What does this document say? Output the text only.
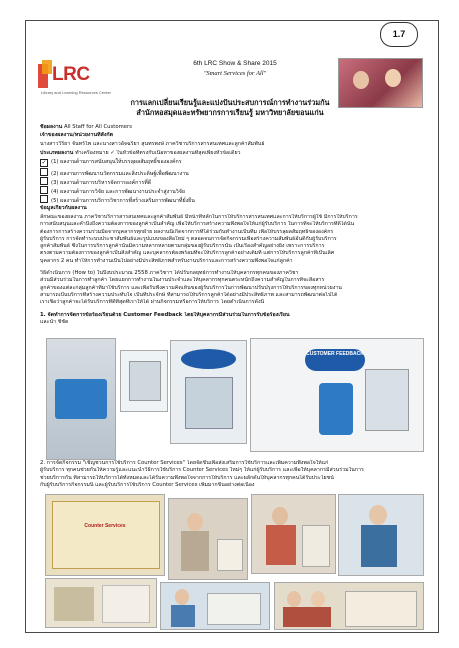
1.7
LRC
Library and Learning Resources Center
6th LRC Show & Share 2015
"Smart Services for All"
การแลกเปลี่ยนเรียนรู้และแบ่งปันประสบการณ์การทำงานร่วมกัน
สำนักหอสมุดและทรัพยากรการเรียนรู้ มหาวิทยาลัยขอนแก่น
ชื่อผลงาน All Staff for All Customers
เจ้าของผลงาน/หน่วยงานที่สังกัด
นางสาววิริยา จันทร์ไพ และนางสาวอัจฉริยา สุนทรพงษ์ ภาควิชาบริการสารสนเทศและลูกค้าสัมพันธ์
ประเภทผลงาน ทำเครื่องหมาย ✓ ในหัวข้อที่ตรงกับเนื้อหาของผลงานที่สุดเพียงหัวข้อเดียว
✓ (1) ผลงานด้านการสนับสนุนให้บรรลุผลสัมฤทธิ์ขององค์กร
(2) ผลงานการพัฒนานวัตกรรมและสิ่งประดิษฐ์เพื่อพัฒนางาน
(3) ผลงานด้านการบริหารจัดการองค์การที่ดี
(4) ผลงานด้านการวิจัย และการพัฒนางานประจำสู่งานวิจัย
(5) ผลงานด้านการบริการวิชาการที่สร้างเสริมการพัฒนาที่ยั่งยืน
ข้อมูลเกี่ยวกับผลงาน
ลักษณะของผลงาน ภาควิชาบริการสารสนเทศและลูกค้าสัมพันธ์ มีหน้าที่หลักในการให้บริการสารสนเทศและการให้บริการผู้ใช้ มีการให้บริการ
การสนับสนุนและคำนึงถึงความต้องการของลูกค้าเป็นสำคัญ เพื่อให้บริการสร้างความพึงพอใจให้แก่ผู้รับบริการ ในการที่จะให้บริการที่ดีได้นั้น
ต้องการการสร้างความร่วมมือจากบุคลากรทุกฝ่าย ผลงานนี้เกิดจากการที่ได้ร่วมกันทำงานเป็นทีม เพื่อให้บรรลุผลสัมฤทธิ์ขององค์กร
ผู้รับบริการ การจัดทำระบบประชาสัมพันธ์และรูปแบบของสื่อใหม่ ๆ ตลอดจนการจัดกิจกรรมเพื่อสร้างความสัมพันธ์อันดีกับผู้รับบริการ
ลูกค้าสัมพันธ์ ซึ่งในการบริการลูกค้านั้นมีความหลากหลายตามกลุ่มของผู้รับบริการนั้น เป็นเรื่องสำคัญอย่างยิ่ง เพราะการบริการ
ตรงตามความต้องการของลูกค้าเป็นสิ่งสำคัญ และบุคลากรต้องพร้อมที่จะให้บริการลูกค้าอย่างเต็มที่ แต่การให้บริการลูกค้าที่เป็นเลิศ
บุคลากร 2 คน ทำให้การทำงานเป็นไปอย่างมีประสิทธิภาพสำหรับงานบริการและการสร้างความพึงพอใจแก่ลูกค้า
วิธีดำเนินการ (How to) ในปีงบประมาณ 2558 ภาควิชาฯ ได้ปรับกลยุทธ์การทำงานให้บุคลากรทุกคนของภาควิชา
ส่วนมีส่วนร่วมในการทำลูกค้า โดยแยกการทำงานในงานประจำและให้บุคลากรทุกคนตระหนักถึงความสำคัญในการที่จะสื่อสาร
ลูกค้าของแต่ละกลุ่มลูกค้าที่มาใช้บริการ และเพื่อรับฟังความคิดเห็นของผู้รับบริการในการพัฒนาปรับปรุงการให้บริการของทุกหน่วยงาน
สามารถเป็นบริการที่สร้างความประทับใจ เป็นที่ประจักษ์ ที่สามารถให้บริการลูกค้าได้อย่างมีประสิทธิภาพ และสามารถพัฒนาต่อไปได้
เราเชื่อว่าลูกค้าจะได้รับบริการที่ดีที่สุดที่เราให้ได้ ผ่านกิจกรรมหรือการให้บริการ โดยดำเนินการดังนี้
1. จัดทำการจัดการข้อร้องเรียนด้วย Customer Feedback โดยให้บุคลากรมีส่วนร่วมในการรับข้อร้องเรียน
และนำ ชี้ชัด
CUSTOMER FEEDBACK
2. การจัดกิจกรรม "เชิญชวนการใช้บริการ Counter Services" โดยจัดขึ้นเพื่อส่งเสริมการใช้บริการและเพิ่มความพึงพอใจให้แก่
ผู้รับบริการ ทุกคนช่วยกันให้ความรู้และแนะนำวิธีการใช้บริการ Counter Services ใหม่ๆ ให้แก่ผู้รับบริการ และเพื่อให้บุคลากรมีส่วนร่วมในการ
ช่วยบริการกัน ที่สามารถให้บริการได้ทั้งหมดและได้รับความพึงพอใจจากการให้บริการ และผลักดันให้บุคลากรทุกคนได้รับประโยชน์
กับผู้รับบริการกิจกรรมนี้ และผู้รับบริการใช้บริการ Counter Services เพิ่มมากขึ้นอย่างต่อเนื่อง
Counter Services
